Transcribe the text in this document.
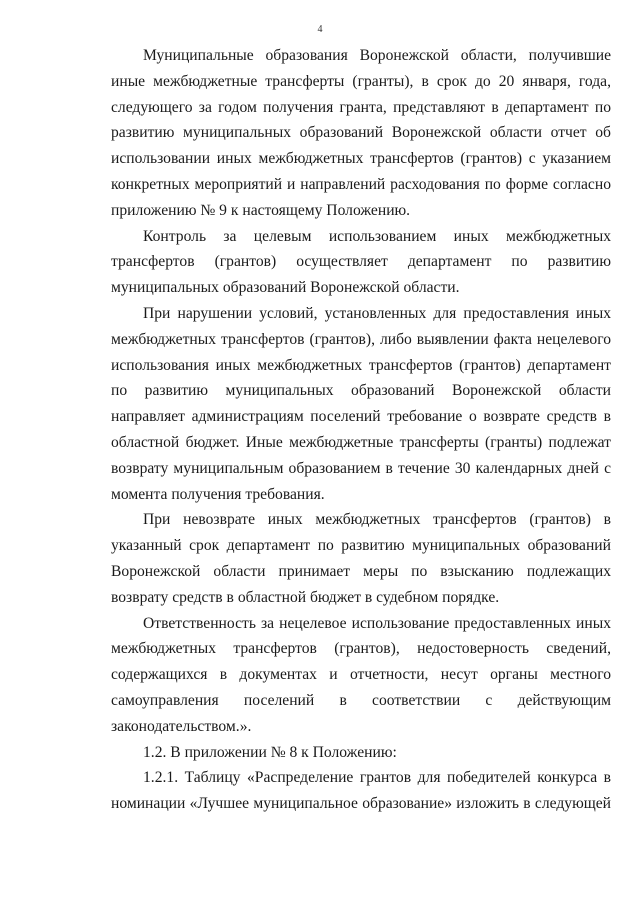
4

Муниципальные образования Воронежской области, получившие иные межбюджетные трансферты (гранты), в срок до 20 января, года, следующего за годом получения гранта, представляют в департамент по развитию муниципальных образований Воронежской области отчет об использовании иных межбюджетных трансфертов (грантов) с указанием конкретных мероприятий и направлений расходования по форме согласно приложению № 9 к настоящему Положению.

Контроль за целевым использованием иных межбюджетных трансфертов (грантов) осуществляет департамент по развитию муниципальных образований Воронежской области.

При нарушении условий, установленных для предоставления иных межбюджетных трансфертов (грантов), либо выявлении факта нецелевого использования иных межбюджетных трансфертов (грантов) департамент по развитию муниципальных образований Воронежской области направляет администрациям поселений требование о возврате средств в областной бюджет. Иные межбюджетные трансферты (гранты) подлежат возврату муниципальным образованием в течение 30 календарных дней с момента получения требования.

При невозврате иных межбюджетных трансфертов (грантов) в указанный срок департамент по развитию муниципальных образований Воронежской области принимает меры по взысканию подлежащих возврату средств в областной бюджет в судебном порядке.

Ответственность за нецелевое использование предоставленных иных межбюджетных трансфертов (грантов), недостоверность сведений, содержащихся в документах и отчетности, несут органы местного самоуправления поселений в соответствии с действующим законодательством.».

1.2. В приложении № 8 к Положению:

1.2.1. Таблицу «Распределение грантов для победителей конкурса в номинации «Лучшее муниципальное образование» изложить в следующей
